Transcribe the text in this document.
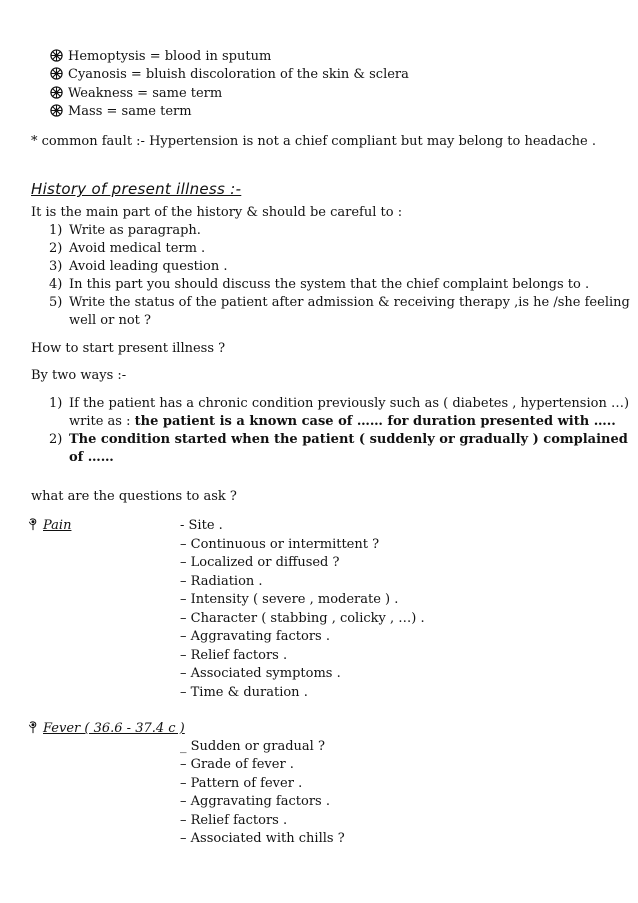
Hemoptysis = blood in sputum
Cyanosis = bluish discoloration of the skin & sclera
Weakness = same term
Mass = same term
* common fault :- Hypertension is not a chief compliant but may belong to headache .
History of present illness :-
It is the main part of the history & should be careful to :
1) Write as paragraph.
2) Avoid medical term .
3) Avoid leading question .
4) In this part you should discuss the system that the chief complaint belongs to .
5) Write the status of the patient after admission & receiving therapy ,is he /she feeling
well or not ?
How to start present illness ?
By two ways :-
1) If the patient has a chronic condition previously such as ( diabetes , hypertension …)
write as : the patient is a known case of …… for duration presented with …..
2) The condition started when the patient ( suddenly or gradually ) complained
of ……
what are the questions to ask ?
Pain	- Site .
– Continuous or intermittent ?
– Localized or diffused ?
– Radiation .
– Intensity ( severe , moderate ) .
– Character ( stabbing , colicky , …) .
– Aggravating factors .
– Relief factors .
– Associated symptoms .
– Time & duration .
Fever ( 36.6 - 37.4 c )
_ Sudden or gradual ?
– Grade of fever .
– Pattern of fever .
– Aggravating factors .
– Relief factors .
– Associated with chills ?
